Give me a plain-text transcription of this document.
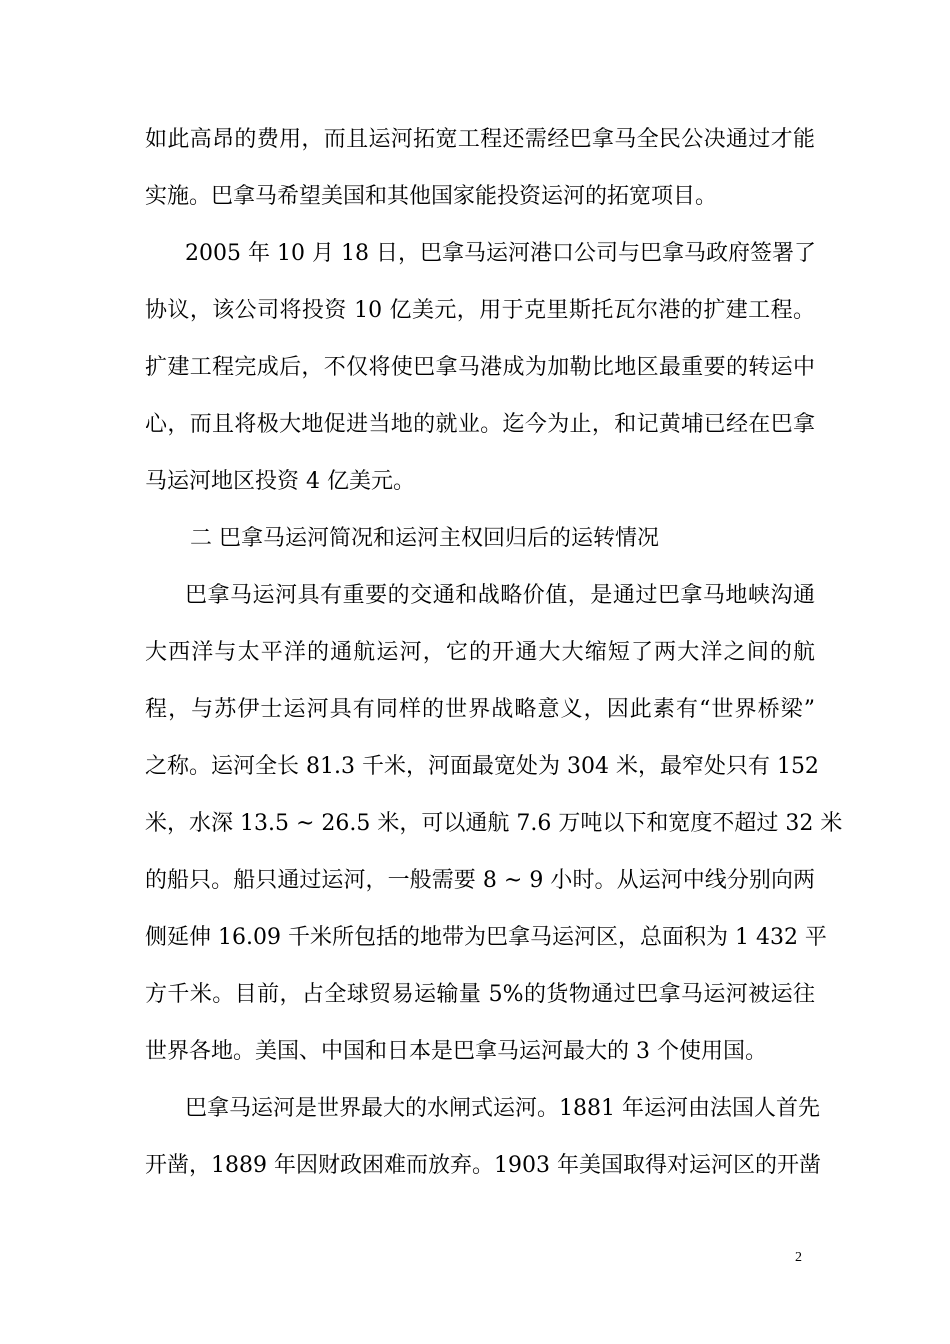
如此高昂的费用，而且运河拓宽工程还需经巴拿马全民公决通过才能
实施。巴拿马希望美国和其他国家能投资运河的拓宽项目。
2005 年 10 月 18 日，巴拿马运河港口公司与巴拿马政府签署了
协议，该公司将投资 10 亿美元，用于克里斯托瓦尔港的扩建工程。
扩建工程完成后，不仅将使巴拿马港成为加勒比地区最重要的转运中
心，而且将极大地促进当地的就业。迄今为止，和记黄埔已经在巴拿
马运河地区投资 4 亿美元。
二 巴拿马运河简况和运河主权回归后的运转情况
巴拿马运河具有重要的交通和战略价值，是通过巴拿马地峡沟通
大西洋与太平洋的通航运河，它的开通大大缩短了两大洋之间的航
程，与苏伊士运河具有同样的世界战略意义，因此素有“世界桥梁”
之称。运河全长 81.3 千米，河面最宽处为 304 米，最窄处只有 152
米，水深 13.5 ~ 26.5 米，可以通航 7.6 万吨以下和宽度不超过 32 米
的船只。船只通过运河，一般需要 8 ~ 9 小时。从运河中线分别向两
侧延伸 16.09 千米所包括的地带为巴拿马运河区，总面积为 1 432 平
方千米。目前，占全球贸易运输量 5%的货物通过巴拿马运河被运往
世界各地。美国、中国和日本是巴拿马运河最大的 3 个使用国。
巴拿马运河是世界最大的水闸式运河。1881 年运河由法国人首先
开凿，1889 年因财政困难而放弃。1903 年美国取得对运河区的开凿
2
